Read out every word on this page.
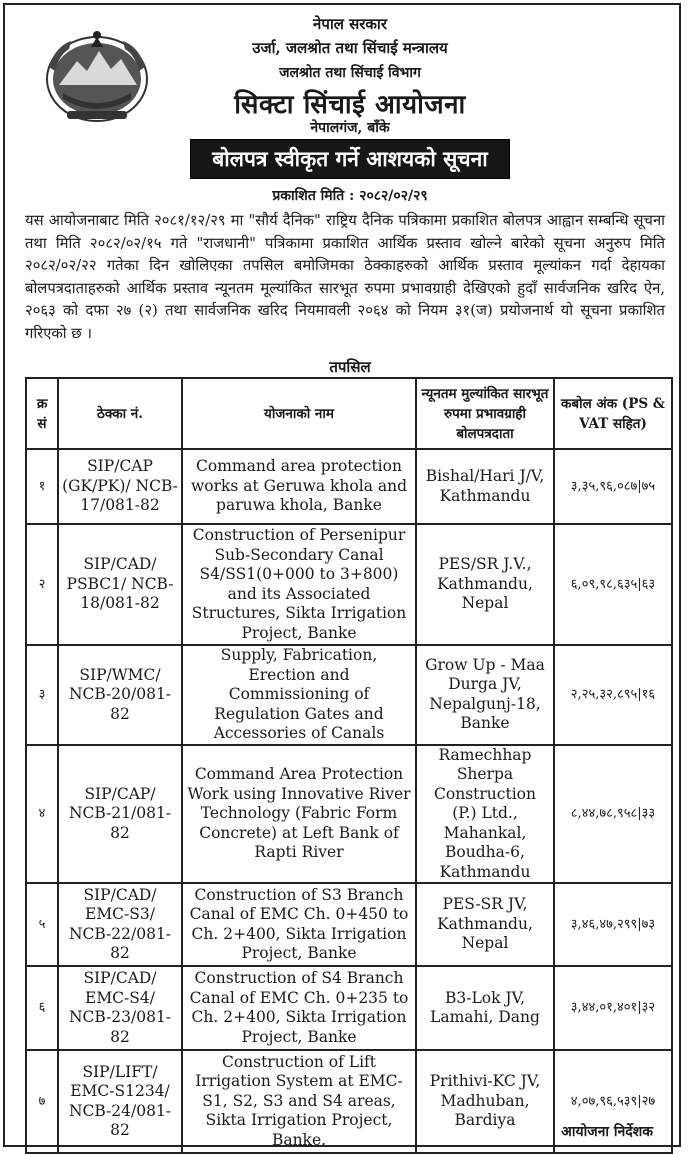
नेपाल सरकार
उर्जा, जलश्रोत तथा सिंचाई मन्त्रालय
जलश्रोत तथा सिंचाई विभाग
सिक्टा सिंचाई आयोजना
नेपालगंज, बाँके
बोलपत्र स्वीकृत गर्ने आशयको सूचना
प्रकाशित मिति : २०८२/०२/२९
यस आयोजनाबाट मिति २०८१/१२/२९ मा "सौर्य दैनिक" राष्ट्रिय दैनिक पत्रिकामा प्रकाशित बोलपत्र आह्वान सम्बन्धि सूचना तथा मिति २०८२/०२/१५ गते "राजधानी" पत्रिकामा प्रकाशित आर्थिक प्रस्ताव खोल्ने बारेको सूचना अनुरुप मिति २०८२/०२/२२ गतेका दिन खोलिएका तपसिल बमोजिमका ठेक्काहरुको आर्थिक प्रस्ताव मूल्यांकन गर्दा देहायका बोलपत्रदाताहरुको आर्थिक प्रस्ताव न्यूनतम मूल्यांकित सारभूत रुपमा प्रभावग्राही देखिएको हुदाँ सार्वजनिक खरिद ऐन, २०६३ को दफा २७ (२) तथा सार्वजनिक खरिद नियमावली २०६४ को नियम ३१(ज) प्रयोजनार्थ यो सूचना प्रकाशित गरिएको छ ।
तपसिल
क्र सं	ठेक्का नं.	योजनाको नाम	न्यूनतम मुल्यांकित सारभूत रुपमा प्रभावग्राही बोलपत्रदाता	कबोल अंक (PS & VAT सहित)
१	SIP/CAP (GK/PK)/ NCB-17/081-82	Command area protection works at Geruwa khola and paruwa khola, Banke	Bishal/Hari J/V, Kathmandu	३,३५,९६,०८७|७५
२	SIP/CAD/ PSBC1/ NCB-18/081-82	Construction of Persenipur Sub-Secondary Canal S4/SS1(0+000 to 3+800) and its Associated Structures, Sikta Irrigation Project, Banke	PES/SR J.V., Kathmandu, Nepal	६,०९,९८,६३५|६३
३	SIP/WMC/ NCB-20/081-82	Supply, Fabrication, Erection and Commissioning of Regulation Gates and Accessories of Canals	Grow Up - Maa Durga JV, Nepalgunj-18, Banke	२,२५,३२,८९५|१६
४	SIP/CAP/ NCB-21/081-82	Command Area Protection Work using Innovative River Technology (Fabric Form Concrete) at Left Bank of Rapti River	Ramechhap Sherpa Construction (P.) Ltd., Mahankal, Boudha-6, Kathmandu	८,४४,७८,९५८|३३
५	SIP/CAD/ EMC-S3/ NCB-22/081-82	Construction of S3 Branch Canal of EMC Ch. 0+450 to Ch. 2+400, Sikta Irrigation Project, Banke	PES-SR JV, Kathmandu, Nepal	३,४६,४७,२९९|७३
६	SIP/CAD/ EMC-S4/ NCB-23/081-82	Construction of S4 Branch Canal of EMC Ch. 0+235 to Ch. 2+400, Sikta Irrigation Project, Banke	B3-Lok JV, Lamahi, Dang	३,४४,०१,४०१|३२
७	SIP/LIFT/ EMC-S1234/ NCB-24/081-82	Construction of Lift Irrigation System at EMC-S1, S2, S3 and S4 areas, Sikta Irrigation Project, Banke.	Prithivi-KC JV, Madhuban, Bardiya	४,०७,९६,५३९|२७
आयोजना निर्देशक
